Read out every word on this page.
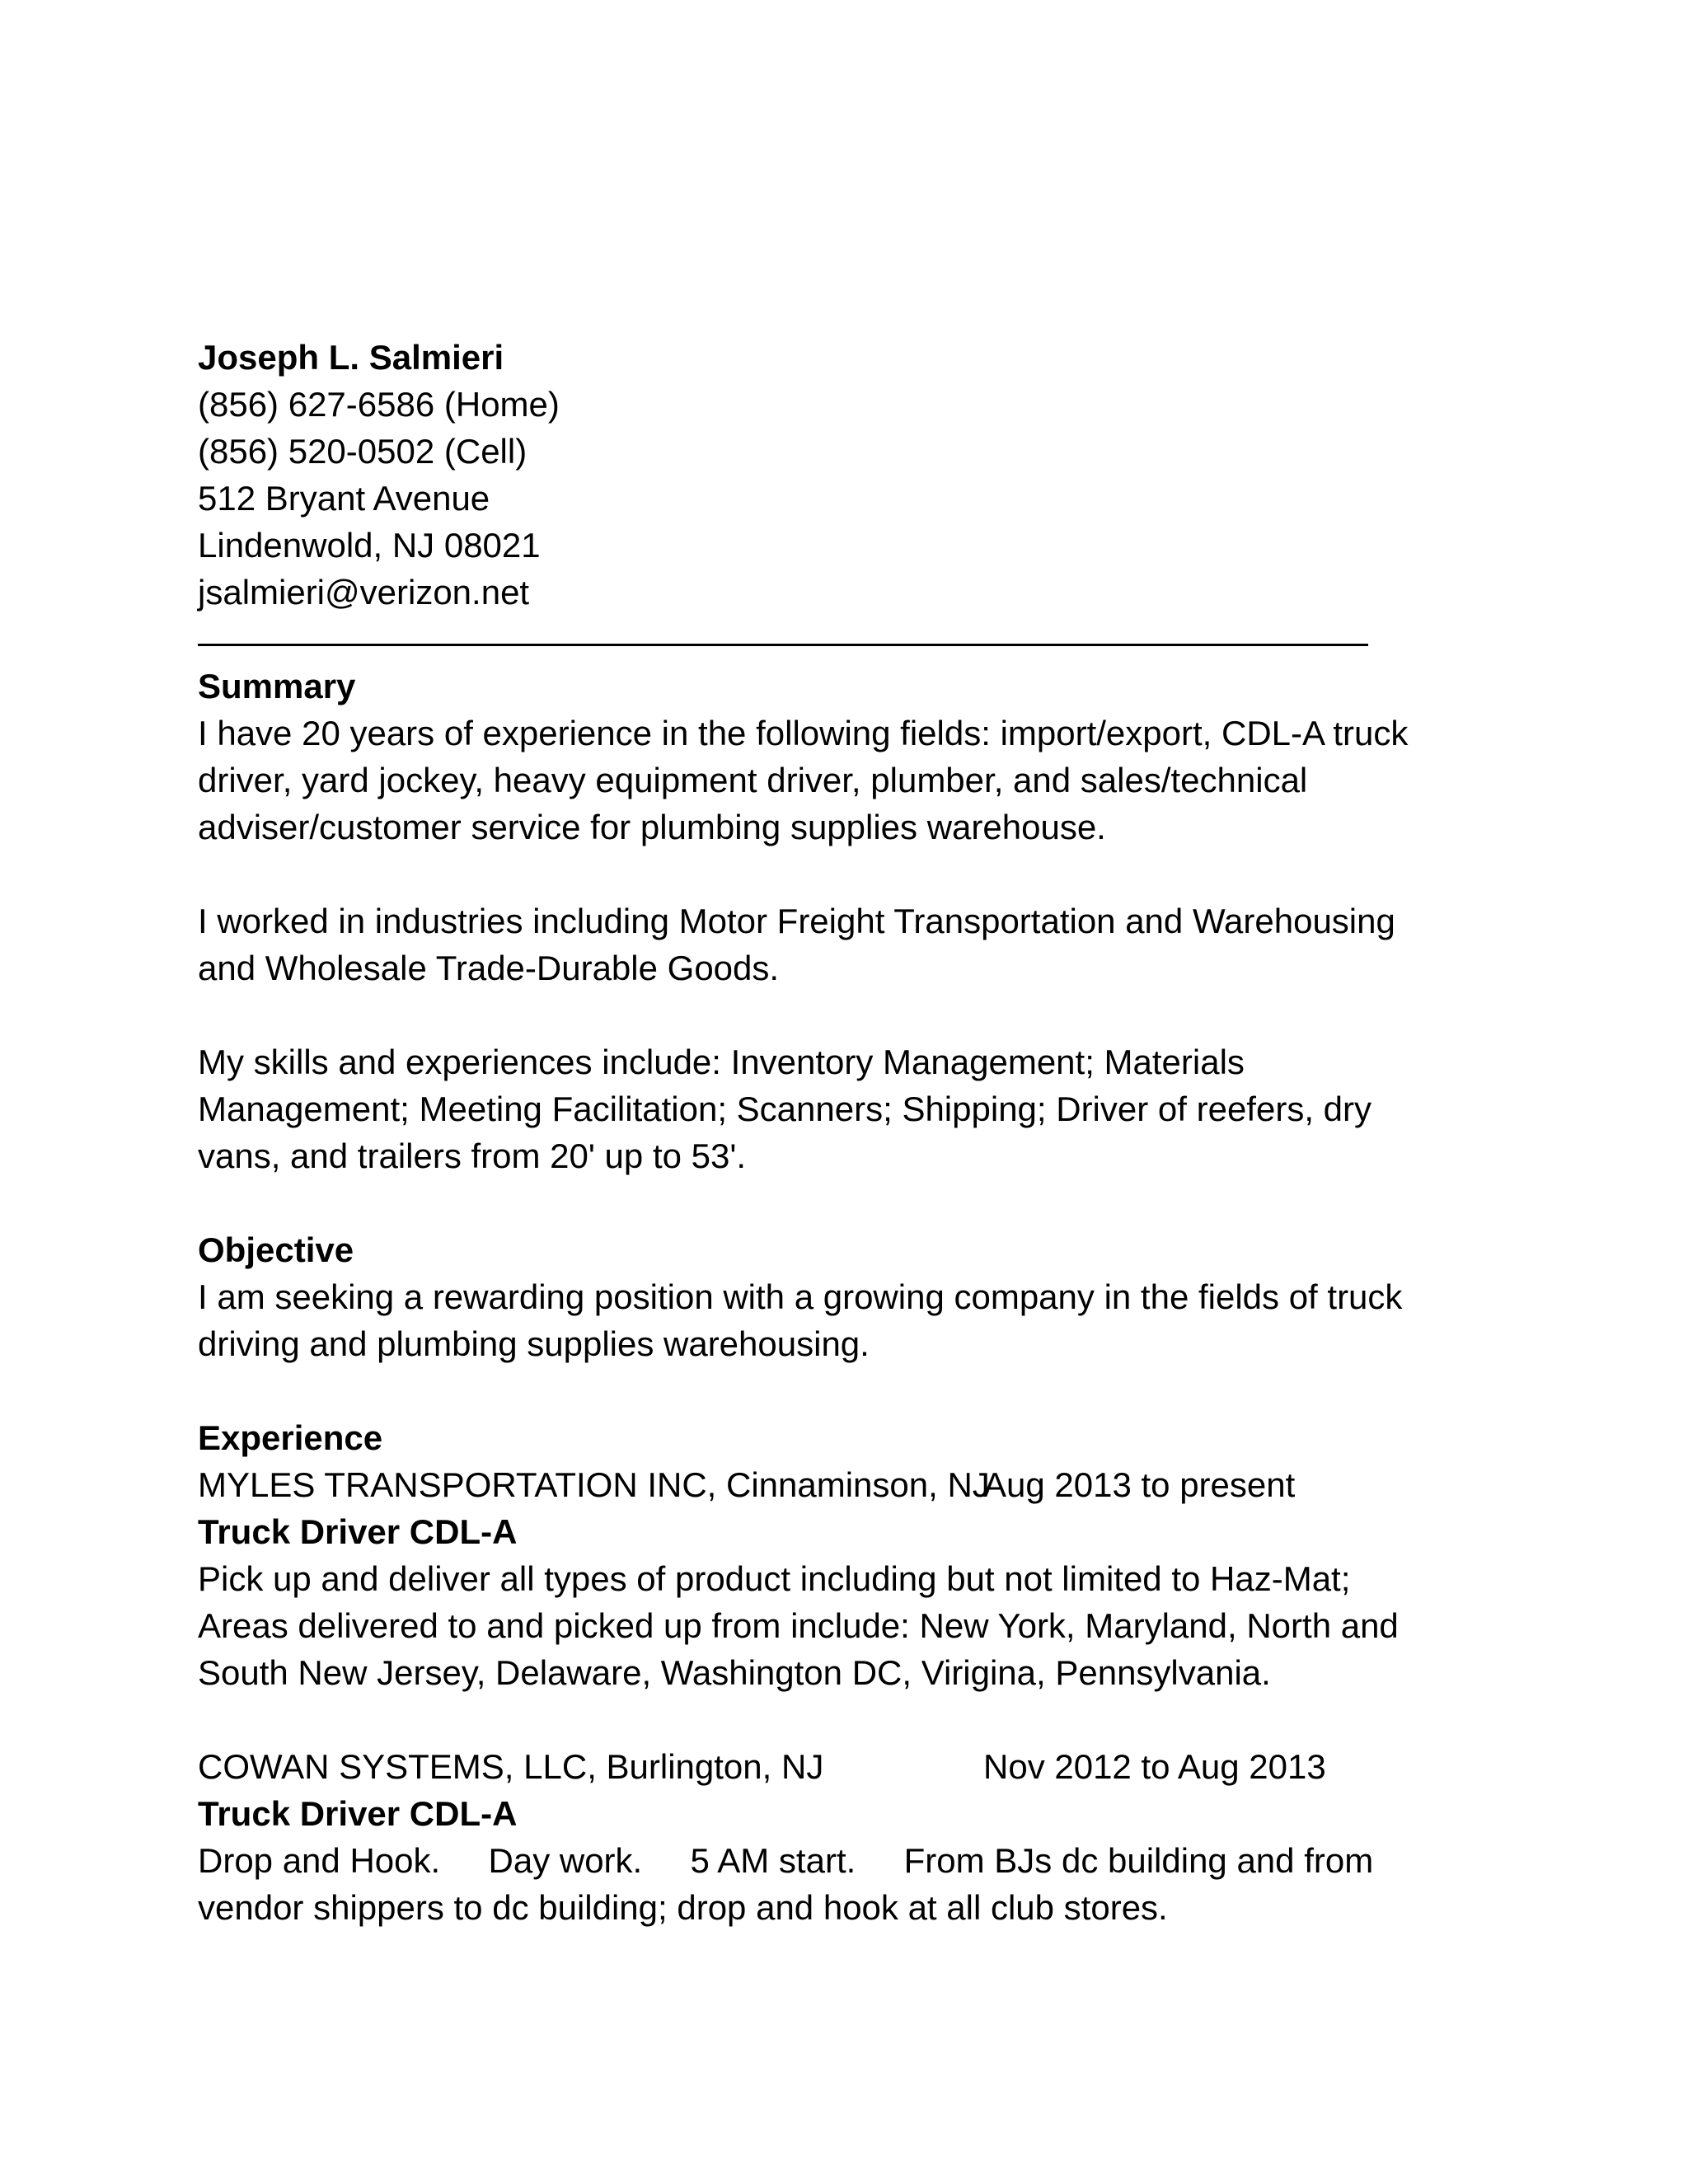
Joseph L. Salmieri
(856) 627-6586 (Home)
(856) 520-0502 (Cell)
512 Bryant Avenue
Lindenwold, NJ 08021
jsalmieri@verizon.net
Summary
I have 20 years of experience in the following fields: import/export, CDL-A truck
driver, yard jockey, heavy equipment driver, plumber, and sales/technical
adviser/customer service for plumbing supplies warehouse.
I worked in industries including Motor Freight Transportation and Warehousing
and Wholesale Trade-Durable Goods.
My skills and experiences include: Inventory Management; Materials
Management; Meeting Facilitation; Scanners; Shipping; Driver of reefers, dry
vans, and trailers from 20' up to 53'.
Objective
I am seeking a rewarding position with a growing company in the fields of truck
driving and plumbing supplies warehousing.
Experience
MYLES TRANSPORTATION INC, Cinnaminson, NJ
Aug 2013 to present
Truck Driver CDL-A
Pick up and deliver all types of product including but not limited to Haz-Mat;
Areas delivered to and picked up from include: New York, Maryland, North and
South New Jersey, Delaware, Washington DC, Virigina, Pennsylvania.
COWAN SYSTEMS, LLC, Burlington, NJ	Nov 2012 to Aug 2013
Truck Driver CDL-A
Drop and Hook.     Day work.     5 AM start.     From BJs dc building and from
vendor shippers to dc building; drop and hook at all club stores.
